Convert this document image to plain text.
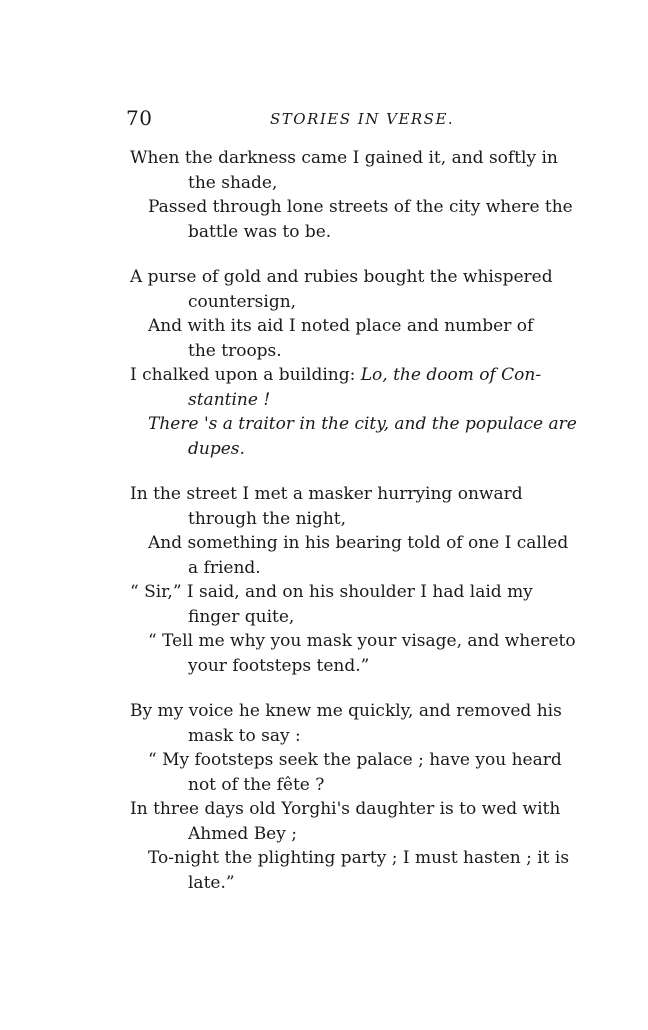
70	STORIES IN VERSE.
When the darkness came I gained it, and softly in
the shade,
Passed through lone streets of the city where the
battle was to be.
A purse of gold and rubies bought the whispered
countersign,
And with its aid I noted place and number of
the troops.
I chalked upon a building: Lo, the doom of Con-
stantine !
There 's a traitor in the city, and the populace are
dupes.
In the street I met a masker hurrying onward
through the night,
And something in his bearing told of one I called
a friend.
“ Sir,” I said, and on his shoulder I had laid my
finger quite,
“ Tell me why you mask your visage, and whereto
your footsteps tend.”
By my voice he knew me quickly, and removed his
mask to say :
“ My footsteps seek the palace ; have you heard
not of the fête ?
In three days old Yorghi's daughter is to wed with
Ahmed Bey ;
To-night the plighting party ; I must hasten ; it is
late.”
